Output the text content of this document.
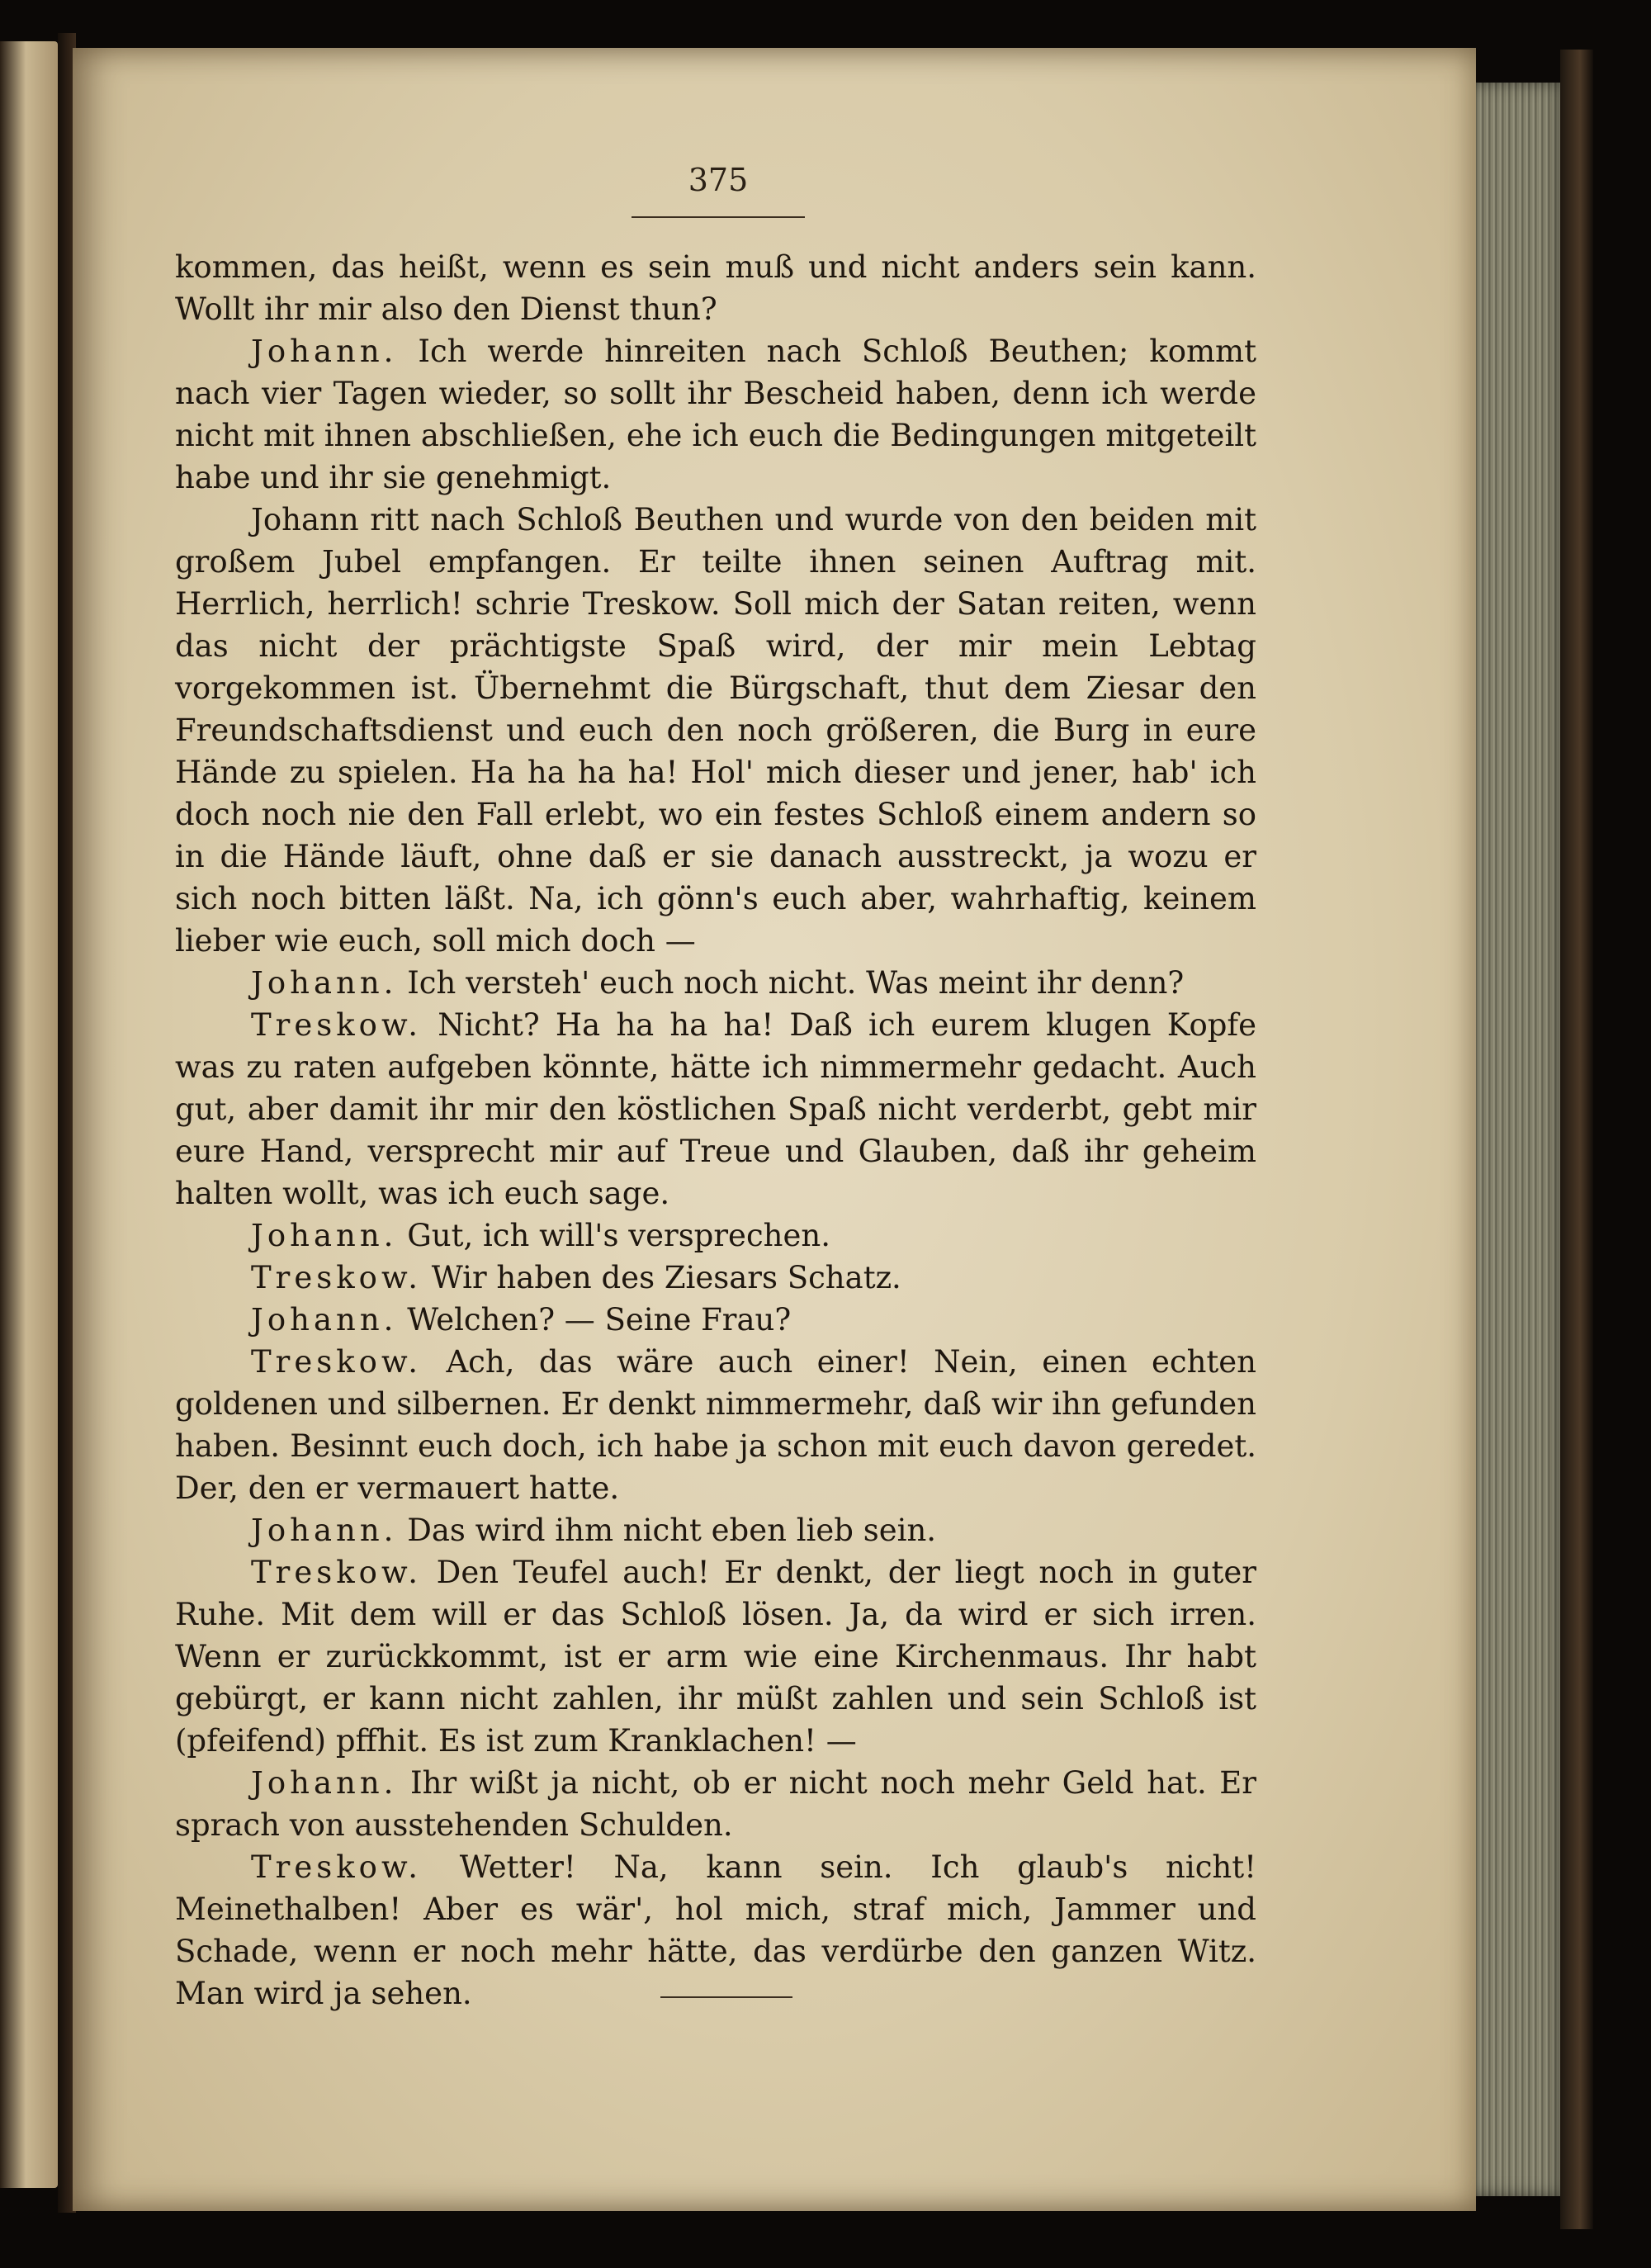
375

kommen, das heißt, wenn es sein muß und nicht anders sein kann. Wollt ihr mir also den Dienst thun?

Johann. Ich werde hinreiten nach Schloß Beuthen; kommt nach vier Tagen wieder, so sollt ihr Bescheid haben, denn ich werde nicht mit ihnen abschließen, ehe ich euch die Bedingungen mitgeteilt habe und ihr sie genehmigt.

Johann ritt nach Schloß Beuthen und wurde von den beiden mit großem Jubel empfangen. Er teilte ihnen seinen Auftrag mit. Herrlich, herrlich! schrie Treskow. Soll mich der Satan reiten, wenn das nicht der prächtigste Spaß wird, der mir mein Lebtag vorgekommen ist. Übernehmt die Bürgschaft, thut dem Ziesar den Freundschaftsdienst und euch den noch größeren, die Burg in eure Hände zu spielen. Ha ha ha ha! Hol' mich dieser und jener, hab' ich doch noch nie den Fall erlebt, wo ein festes Schloß einem andern so in die Hände läuft, ohne daß er sie danach ausstreckt, ja wozu er sich noch bitten läßt. Na, ich gönn's euch aber, wahrhaftig, keinem lieber wie euch, soll mich doch —

Johann. Ich versteh' euch noch nicht. Was meint ihr denn?

Treskow. Nicht? Ha ha ha ha! Daß ich eurem klugen Kopfe was zu raten aufgeben könnte, hätte ich nimmermehr gedacht. Auch gut, aber damit ihr mir den köstlichen Spaß nicht verderbt, gebt mir eure Hand, versprecht mir auf Treue und Glauben, daß ihr geheim halten wollt, was ich euch sage.

Johann. Gut, ich will's versprechen.

Treskow. Wir haben des Ziesars Schatz.

Johann. Welchen? — Seine Frau?

Treskow. Ach, das wäre auch einer! Nein, einen echten goldenen und silbernen. Er denkt nimmermehr, daß wir ihn gefunden haben. Besinnt euch doch, ich habe ja schon mit euch davon geredet. Der, den er vermauert hatte.

Johann. Das wird ihm nicht eben lieb sein.

Treskow. Den Teufel auch! Er denkt, der liegt noch in guter Ruhe. Mit dem will er das Schloß lösen. Ja, da wird er sich irren. Wenn er zurückkommt, ist er arm wie eine Kirchenmaus. Ihr habt gebürgt, er kann nicht zahlen, ihr müßt zahlen und sein Schloß ist (pfeifend) pffhit. Es ist zum Kranklachen! —

Johann. Ihr wißt ja nicht, ob er nicht noch mehr Geld hat. Er sprach von ausstehenden Schulden.

Treskow. Wetter! Na, kann sein. Ich glaub's nicht! Meinethalben! Aber es wär', hol mich, straf mich, Jammer und Schade, wenn er noch mehr hätte, das verdürbe den ganzen Witz. Man wird ja sehen.
